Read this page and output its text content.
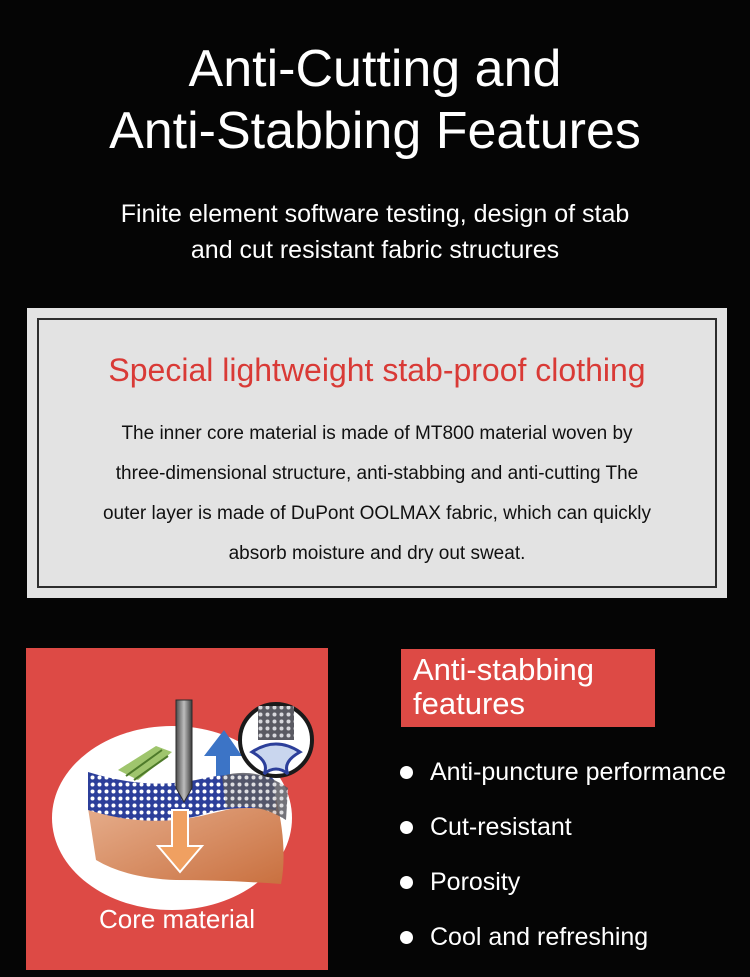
Anti-Cutting and
Anti-Stabbing Features

Finite element software testing, design of stab
and cut resistant fabric structures

Special lightweight stab-proof clothing

The inner core material is made of MT800 material woven by
three-dimensional structure, anti-stabbing and anti-cutting The
outer layer is made of DuPont OOLMAX fabric, which can quickly
absorb moisture and dry out sweat.

Core material
Anti-stabbing
features
Anti-puncture performance
Cut-resistant
Porosity
Cool and refreshing
